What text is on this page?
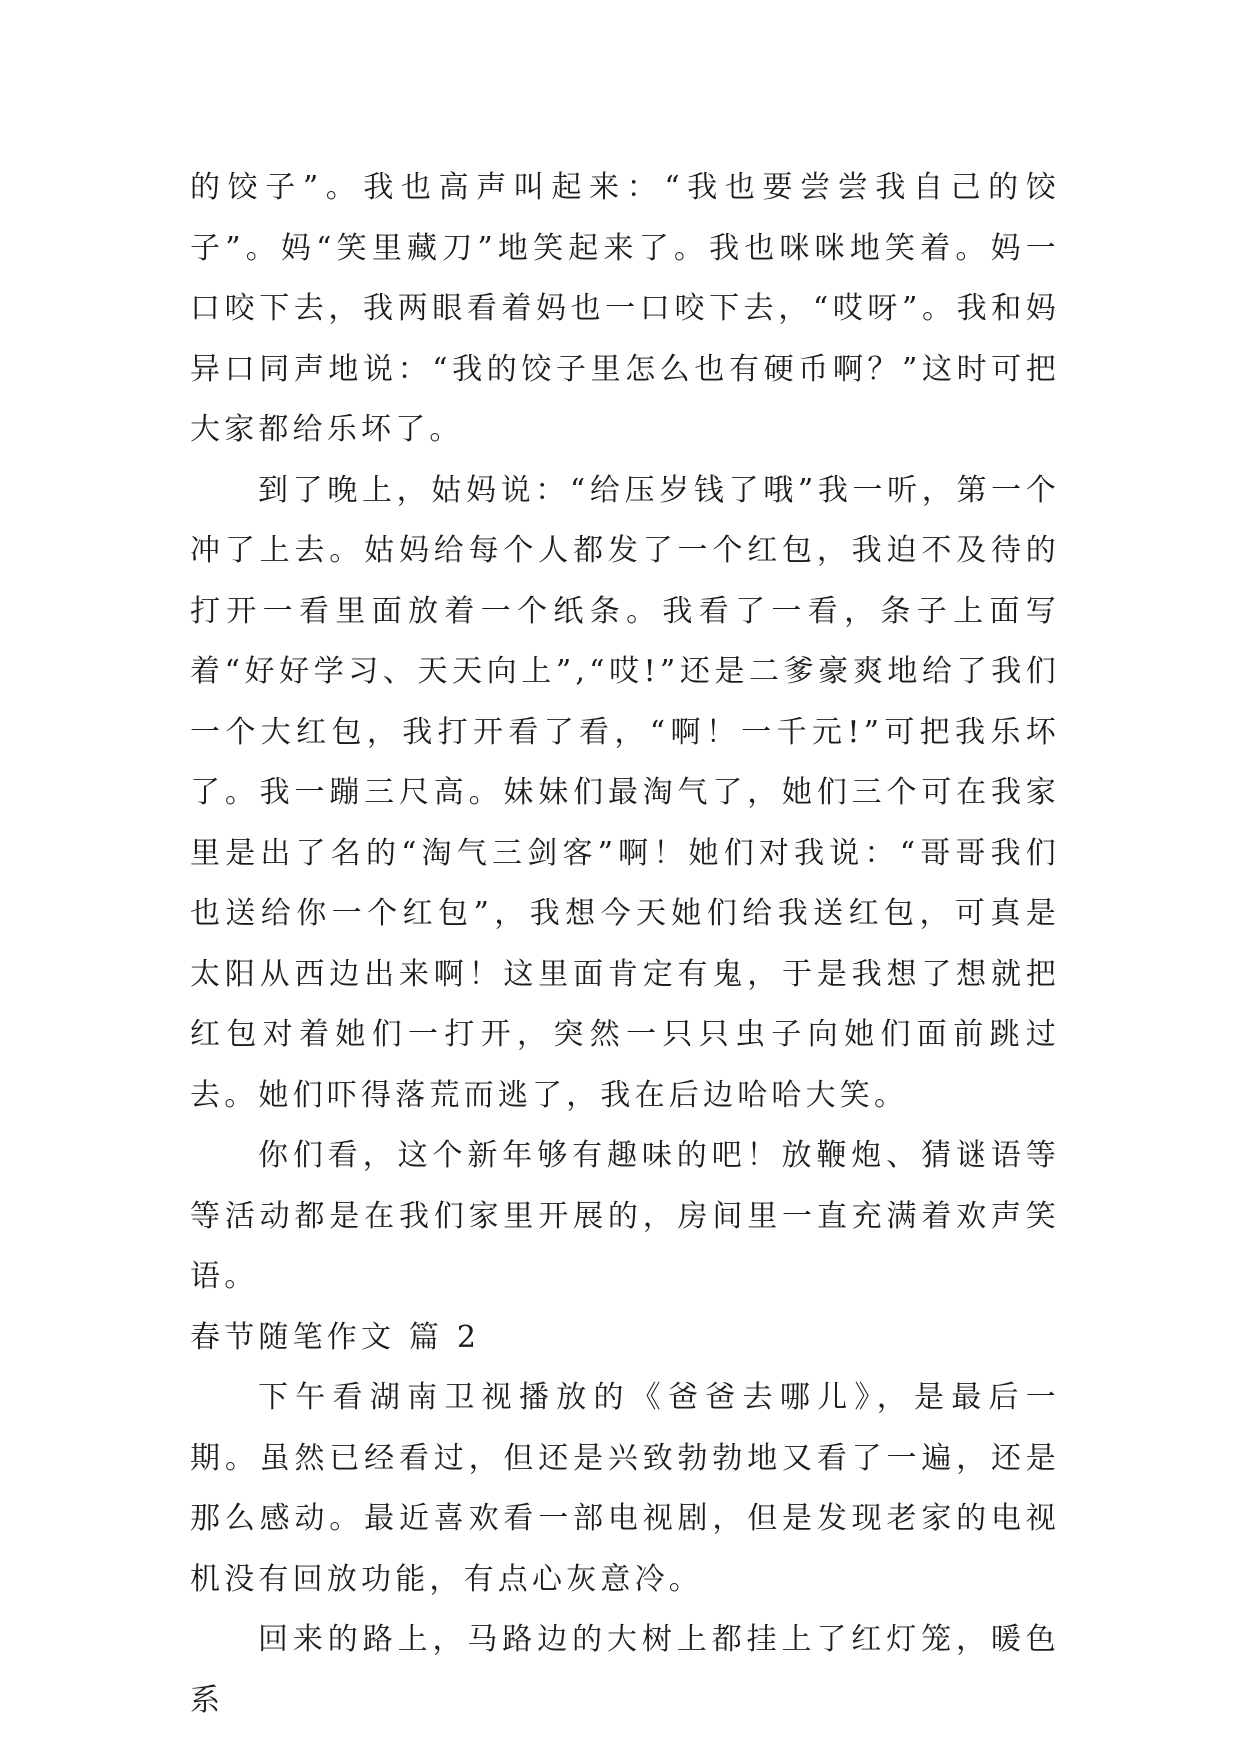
的饺子”。我也高声叫起来：“我也要尝尝我自己的饺子”。妈“笑里藏刀”地笑起来了。我也咪咪地笑着。妈一口咬下去，我两眼看着妈也一口咬下去，“哎呀”。我和妈异口同声地说：“我的饺子里怎么也有硬币啊？”这时可把大家都给乐坏了。

到了晚上，姑妈说：“给压岁钱了哦”我一听，第一个冲了上去。姑妈给每个人都发了一个红包，我迫不及待的打开一看里面放着一个纸条。我看了一看，条子上面写着“好好学习、天天向上”,“哎!”还是二爹豪爽地给了我们一个大红包，我打开看了看，“啊！一千元!”可把我乐坏了。我一蹦三尺高。妹妹们最淘气了，她们三个可在我家里是出了名的“淘气三剑客”啊！她们对我说：“哥哥我们也送给你一个红包”，我想今天她们给我送红包，可真是太阳从西边出来啊！这里面肯定有鬼，于是我想了想就把红包对着她们一打开，突然一只只虫子向她们面前跳过去。她们吓得落荒而逃了，我在后边哈哈大笑。

你们看，这个新年够有趣味的吧！放鞭炮、猜谜语等等活动都是在我们家里开展的，房间里一直充满着欢声笑语。

春节随笔作文 篇 2

下午看湖南卫视播放的《爸爸去哪儿》，是最后一期。虽然已经看过，但还是兴致勃勃地又看了一遍，还是那么感动。最近喜欢看一部电视剧，但是发现老家的电视机没有回放功能，有点心灰意冷。

回来的路上，马路边的大树上都挂上了红灯笼，暖色系
